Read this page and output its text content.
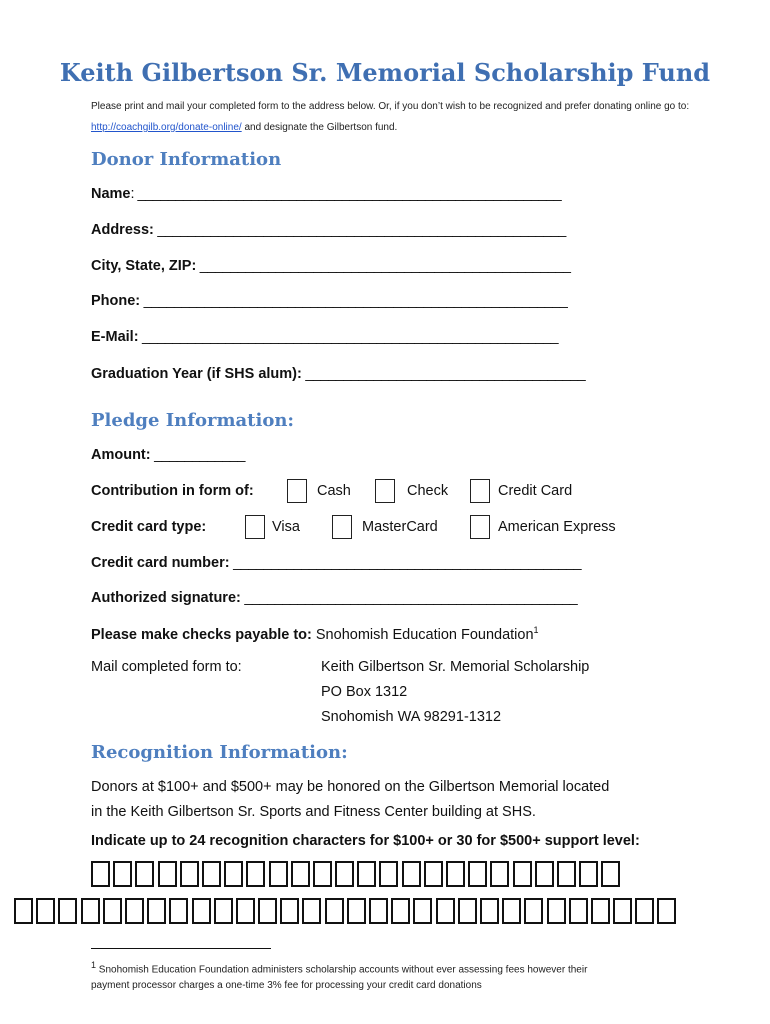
Keith Gilbertson Sr. Memorial Scholarship Fund
Please print and mail your completed form to the address below. Or, if you don’t wish to be recognized and prefer donating online go to: http://coachgilb.org/donate-online/ and designate the Gilbertson fund.
Donor Information
Name: ________________________________________________________
Address: ______________________________________________________
City, State, ZIP: _________________________________________________
Phone: ________________________________________________________
E-Mail: _______________________________________________________
Graduation Year (if SHS alum): _____________________________________
Pledge Information:
Amount: ____________
Contribution in form of:	Cash	Check	Credit Card
Credit card type:	Visa	MasterCard	American Express
Credit card number: ______________________________________________
Authorized signature: ____________________________________________
Please make checks payable to: Snohomish Education Foundation$^1$
Mail completed form to:	Keith Gilbertson Sr. Memorial Scholarship
PO Box 1312
Snohomish WA 98291-1312
Recognition Information:
Donors at $100+ and $500+ may be honored on the Gilbertson Memorial located
in the Keith Gilbertson Sr. Sports and Fitness Center building at SHS.
Indicate up to 24 recognition characters for $100+ or 30 for $500+ support level:
$^1$ Snohomish Education Foundation administers scholarship accounts without ever assessing fees however their
payment processor charges a one-time 3% fee for processing your credit card donations
